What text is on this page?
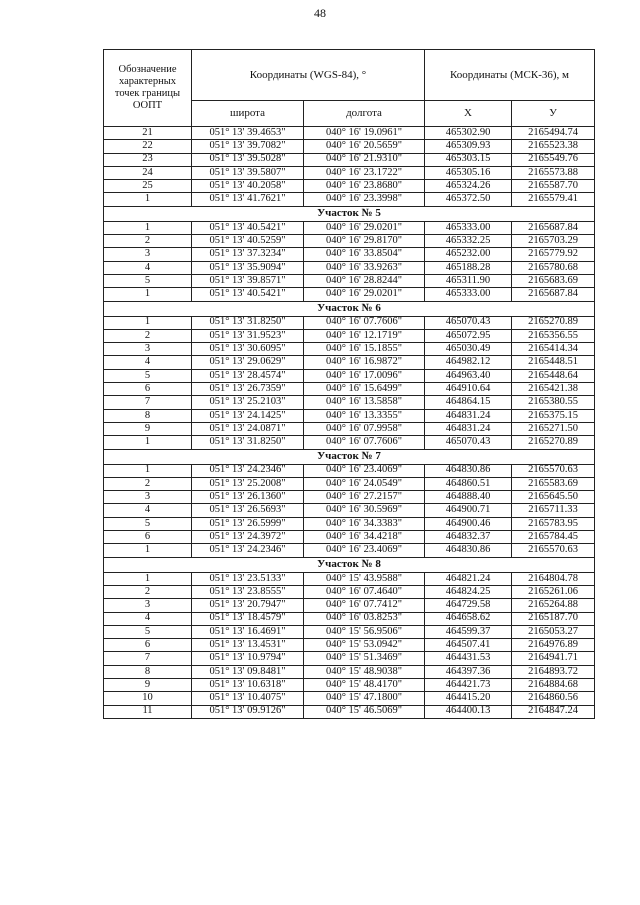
48
Обозначение характерных точек границы ООПТ	Координаты (WGS-84), °		Координаты (МСК-36), м	
	широта	долгота	X	У
21	051° 13' 39.4653"	040° 16' 19.0961"	465302.90	2165494.74
22	051° 13' 39.7082"	040° 16' 20.5659"	465309.93	2165523.38
23	051° 13' 39.5028"	040° 16' 21.9310"	465303.15	2165549.76
24	051° 13' 39.5807"	040° 16' 23.1722"	465305.16	2165573.88
25	051° 13' 40.2058"	040° 16' 23.8680"	465324.26	2165587.70
1	051° 13' 41.7621"	040° 16' 23.3998"	465372.50	2165579.41
Участок № 5				
1	051° 13' 40.5421"	040° 16' 29.0201"	465333.00	2165687.84
2	051° 13' 40.5259"	040° 16' 29.8170"	465332.25	2165703.29
3	051° 13' 37.3234"	040° 16' 33.8504"	465232.00	2165779.92
4	051° 13' 35.9094"	040° 16' 33.9263"	465188.28	2165780.68
5	051° 13' 39.8571"	040° 16' 28.8244"	465311.90	2165683.69
1	051° 13' 40.5421"	040° 16' 29.0201"	465333.00	2165687.84
Участок № 6				
1	051° 13' 31.8250"	040° 16' 07.7606"	465070.43	2165270.89
2	051° 13' 31.9523"	040° 16' 12.1719"	465072.95	2165356.55
3	051° 13' 30.6095"	040° 16' 15.1855"	465030.49	2165414.34
4	051° 13' 29.0629"	040° 16' 16.9872"	464982.12	2165448.51
5	051° 13' 28.4574"	040° 16' 17.0096"	464963.40	2165448.64
6	051° 13' 26.7359"	040° 16' 15.6499"	464910.64	2165421.38
7	051° 13' 25.2103"	040° 16' 13.5858"	464864.15	2165380.55
8	051° 13' 24.1425"	040° 16' 13.3355"	464831.24	2165375.15
9	051° 13' 24.0871"	040° 16' 07.9958"	464831.24	2165271.50
1	051° 13' 31.8250"	040° 16' 07.7606"	465070.43	2165270.89
Участок № 7				
1	051° 13' 24.2346"	040° 16' 23.4069"	464830.86	2165570.63
2	051° 13' 25.2008"	040° 16' 24.0549"	464860.51	2165583.69
3	051° 13' 26.1360"	040° 16' 27.2157"	464888.40	2165645.50
4	051° 13' 26.5693"	040° 16' 30.5969"	464900.71	2165711.33
5	051° 13' 26.5999"	040° 16' 34.3383"	464900.46	2165783.95
6	051° 13' 24.3972"	040° 16' 34.4218"	464832.37	2165784.45
1	051° 13' 24.2346"	040° 16' 23.4069"	464830.86	2165570.63
Участок № 8				
1	051° 13' 23.5133"	040° 15' 43.9588"	464821.24	2164804.78
2	051° 13' 23.8555"	040° 16' 07.4640"	464824.25	2165261.06
3	051° 13' 20.7947"	040° 16' 07.7412"	464729.58	2165264.88
4	051° 13' 18.4579"	040° 16' 03.8253"	464658.62	2165187.70
5	051° 13' 16.4691"	040° 15' 56.9506"	464599.37	2165053.27
6	051° 13' 13.4531"	040° 15' 53.0942"	464507.41	2164976.89
7	051° 13' 10.9794"	040° 15' 51.3469"	464431.53	2164941.71
8	051° 13' 09.8481"	040° 15' 48.9038"	464397.36	2164893.72
9	051° 13' 10.6318"	040° 15' 48.4170"	464421.73	2164884.68
10	051° 13' 10.4075"	040° 15' 47.1800"	464415.20	2164860.56
11	051° 13' 09.9126"	040° 15' 46.5069"	464400.13	2164847.24
